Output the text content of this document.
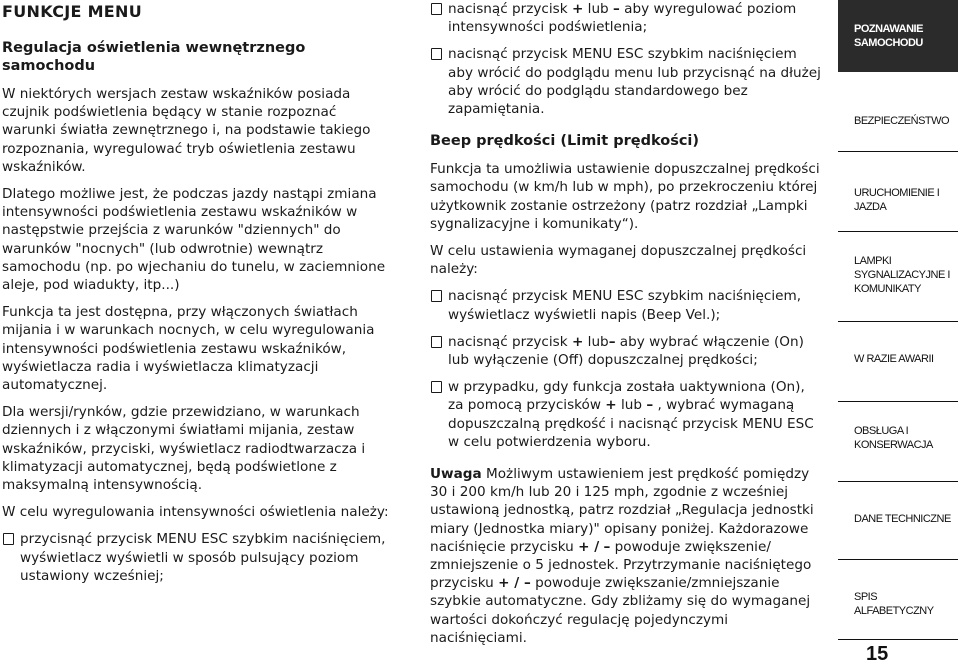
FUNKCJE MENU
Regulacja oświetlenia wewnętrznego samochodu

W niektórych wersjach zestaw wskaźników posiada czujnik podświetlenia będący w stanie rozpoznać warunki światła zewnętrznego i, na podstawie takiego rozpoznania, wyregulować tryb oświetlenia zestawu wskaźników.

Dlatego możliwe jest, że podczas jazdy nastąpi zmiana intensywności podświetlenia zestawu wskaźników w następstwie przejścia z warunków "dziennych" do warunków "nocnych" (lub odwrotnie) wewnątrz samochodu (np. po wjechaniu do tunelu, w zaciemnione aleje, pod wiadukty, itp...)

Funkcja ta jest dostępna, przy włączonych światłach mijania i w warunkach nocnych, w celu wyregulowania intensywności podświetlenia zestawu wskaźników, wyświetlacza radia i wyświetlacza klimatyzacji automatycznej.

Dla wersji/rynków, gdzie przewidziano, w warunkach dziennych i z włączonymi światłami mijania, zestaw wskaźników, przyciski, wyświetlacz radiodtwarzacza i klimatyzacji automatycznej, będą podświetlone z maksymalną intensywnością.

W celu wyregulowania intensywności oświetlenia należy:

przycisnąć przycisk MENU ESC szybkim naciśnięciem, wyświetlacz wyświetli w sposób pulsujący poziom ustawiony wcześniej;

nacisnąć przycisk + lub – aby wyregulować poziom intensywności podświetlenia;

nacisnąć przycisk MENU ESC szybkim naciśnięciem aby wrócić do podglądu menu lub przycisnąć na dłużej aby wrócić do podglądu standardowego bez zapamiętania.

Beep prędkości (Limit prędkości)

Funkcja ta umożliwia ustawienie dopuszczalnej prędkości samochodu (w km/h lub w mph), po przekroczeniu której użytkownik zostanie ostrzeżony (patrz rozdział „Lampki sygnalizacyjne i komunikaty“).

W celu ustawienia wymaganej dopuszczalnej prędkości należy:

nacisnąć przycisk MENU ESC szybkim naciśnięciem, wyświetlacz wyświetli napis (Beep Vel.);

nacisnąć przycisk + lub– aby wybrać włączenie (On) lub wyłączenie (Off) dopuszczalnej prędkości;

w przypadku, gdy funkcja została uaktywniona (On), za pomocą przycisków + lub – , wybrać wymaganą dopuszczalną prędkość i nacisnąć przycisk MENU ESC w celu potwierdzenia wyboru.

Uwaga Możliwym ustawieniem jest prędkość pomiędzy 30 i 200 km/h lub 20 i 125 mph, zgodnie z wcześniej ustawioną jednostką, patrz rozdział „Regulacja jednostki miary (Jednostka miary)" opisany poniżej. Każdorazowe naciśnięcie przycisku + / – powoduje zwiększenie/ zmniejszenie o 5 jednostek. Przytrzymanie naciśniętego przycisku + / – powoduje zwiększanie/zmniejszanie szybkie automatyczne. Gdy zbliżamy się do wymaganej wartości dokończyć regulację pojedynczymi naciśnięciami.

POZNAWANIE SAMOCHODU
BEZPIECZEŃSTWO
URUCHOMIENIE I JAZDA
LAMPKI SYGNALIZACYJNE I KOMUNIKATY
W RAZIE AWARII
OBSŁUGA I KONSERWACJA
DANE TECHNICZNE
SPIS ALFABETYCZNY
15
